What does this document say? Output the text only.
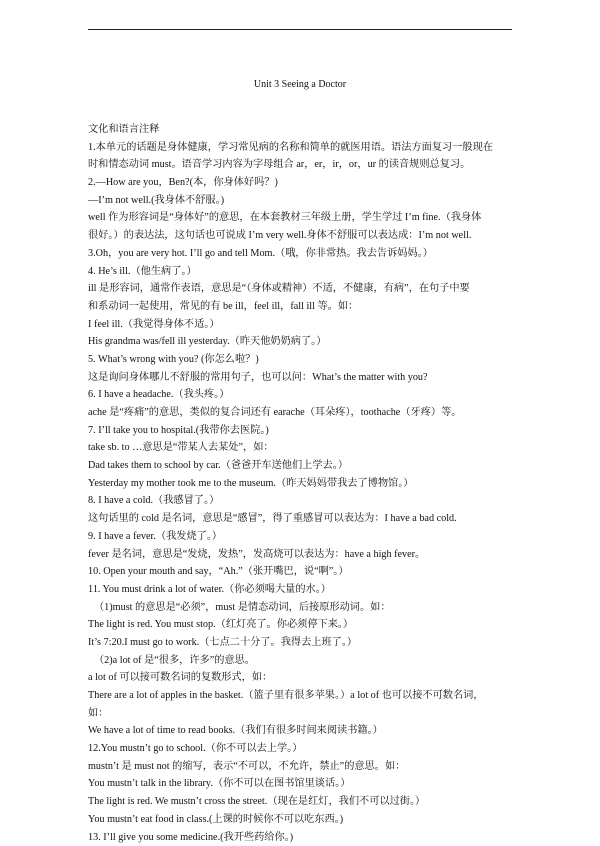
Unit 3 Seeing a Doctor
文化和语言注释
1.本单元的话题是身体健康，学习常见病的名称和简单的就医用语。语法方面复习一般现在
时和情态动词 must。语音学习内容为字母组合 ar，er，ir，or，ur 的读音规则总复习。
2.—How are you，Ben?(本，你身体好吗？)
—I’m not well.(我身体不舒服。)
well 作为形容词是“身体好”的意思，在本套教材三年级上册，学生学过 I’m fine.（我身体
很好。）的表达法，这句话也可说成 I’m very well.身体不舒服可以表达成：I’m not well.
3.Oh，you are very hot. I’ll go and tell Mom.（哦，你非常热。我去告诉妈妈。）
4. He’s ill.（他生病了。）
ill 是形容词，通常作表语，意思是“（身体或精神）不适，不健康，有病”，在句子中要
和系动词一起使用，常见的有 be ill，feel ill，fall ill 等。如：
I feel ill.（我觉得身体不适。）
His grandma was/fell ill yesterday.（昨天他奶奶病了。）
5. What’s wrong with you? (你怎么啦？)
这是询问身体哪儿不舒服的常用句子，也可以问：What’s the matter with you?
6. I have a headache.（我头疼。）
ache 是“疼痛”的意思，类似的复合词还有 earache（耳朵疼），toothache（牙疼）等。
7. I’ll take you to hospital.(我带你去医院。)
take sb. to …意思是“带某人去某处”，如：
Dad takes them to school by car.（爸爸开车送他们上学去。）
Yesterday my mother took me to the museum.（昨天妈妈带我去了博物馆。）
8. I have a cold.（我感冒了。）
这句话里的 cold 是名词，意思是“感冒”，得了重感冒可以表达为：I have a bad cold.
9. I have a fever.（我发烧了。）
fever 是名词，意思是“发烧，发热”，发高烧可以表达为：have a high fever。
10. Open your mouth and say，“Ah.”（张开嘴巴，说“啊”。）
11. You must drink a lot of water.（你必须喝大量的水。）
（1)must 的意思是“必须”，must 是情态动词，后接原形动词。如：
The light is red. You must stop.（红灯亮了。你必须停下来。）
It’s 7:20.I must go to work.（七点二十分了。我得去上班了。）
（2)a lot of 是“很多，许多”的意思。
a lot of 可以接可数名词的复数形式，如：
There are a lot of apples in the basket.（篮子里有很多苹果。）a lot of 也可以接不可数名词，
如：
We have a lot of time to read books.（我们有很多时间来阅读书籍。）
12.You mustn’t go to school.（你不可以去上学。）
mustn’t 是 must not 的缩写，表示“不可以，不允许，禁止”的意思。如：
You mustn’t talk in the library.（你不可以在图书馆里谈话。）
The light is red. We mustn’t cross the street.（现在是红灯，我们不可以过街。）
You mustn’t eat food in class.(上课的时候你不可以吃东西。)
13. I’ll give you some medicine.(我开些药给你。)
